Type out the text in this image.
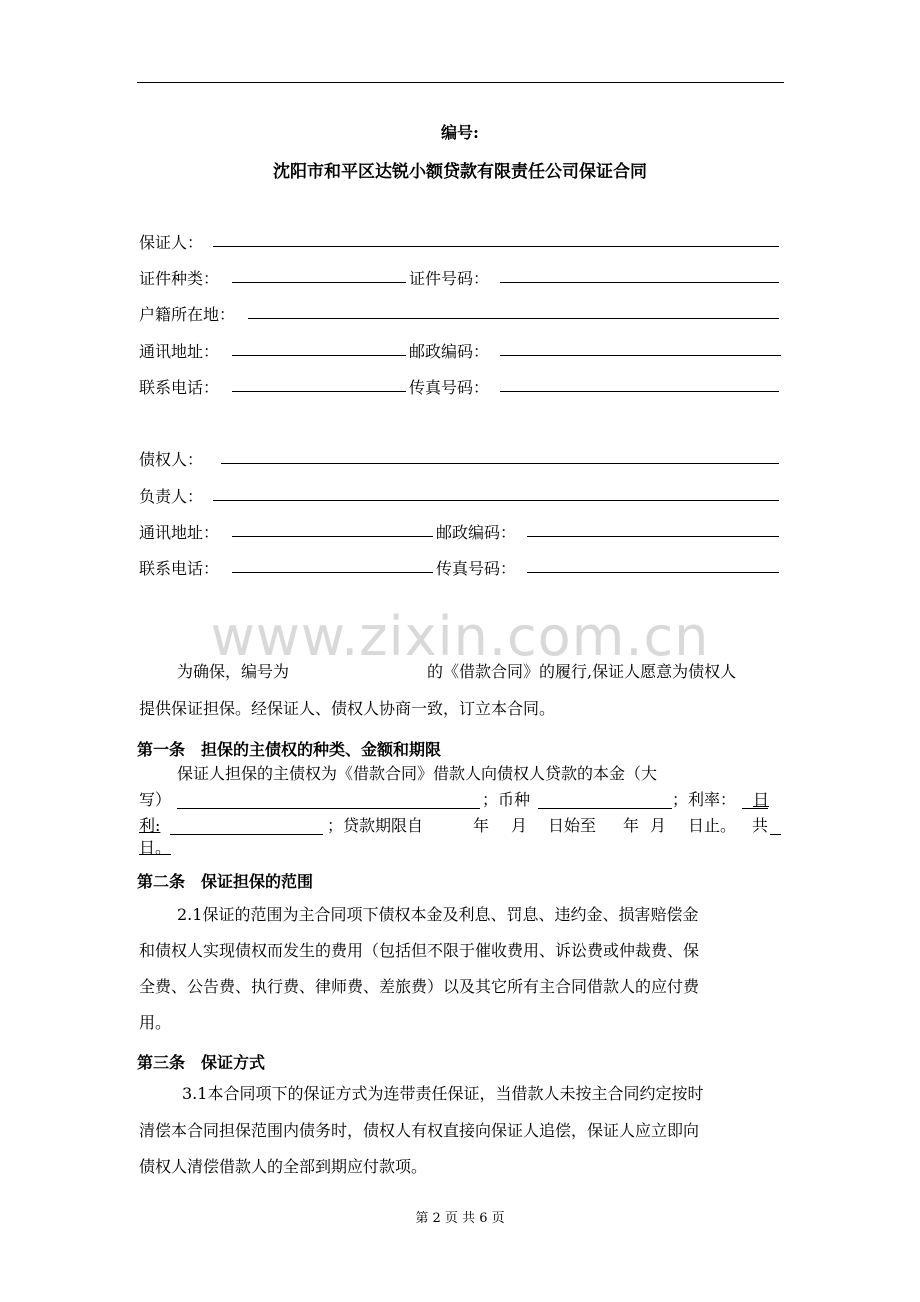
编号:
沈阳市和平区达锐小额贷款有限责任公司保证合同
保证人：
证件种类：	证件号码：
户籍所在地：
通讯地址：	邮政编码：
联系电话：	传真号码：
债权人：
负责人：
通讯地址：	邮政编码：
联系电话：	传真号码：
www.zixin.com.cn
为确保，编号为	的《借款合同》的履行,保证人愿意为债权人
提供保证担保。经保证人、债权人协商一致，订立本合同。
第一条　担保的主债权的种类、金额和期限
保证人担保的主债权为《借款合同》借款人向债权人贷款的本金（大
写）	；币种	；利率： 日
利:	；贷款期限自	年 月 日始至 年 月 日止。 共
日。
第二条　保证担保的范围
2.1保证的范围为主合同项下债权本金及利息、罚息、违约金、损害赔偿金
和债权人实现债权而发生的费用（包括但不限于催收费用、诉讼费或仲裁费、保
全费、公告费、执行费、律师费、差旅费）以及其它所有主合同借款人的应付费
用。
第三条　保证方式
3.1本合同项下的保证方式为连带责任保证，当借款人未按主合同约定按时
清偿本合同担保范围内债务时，债权人有权直接向保证人追偿，保证人应立即向
债权人清偿借款人的全部到期应付款项。
第 2 页 共 6 页
